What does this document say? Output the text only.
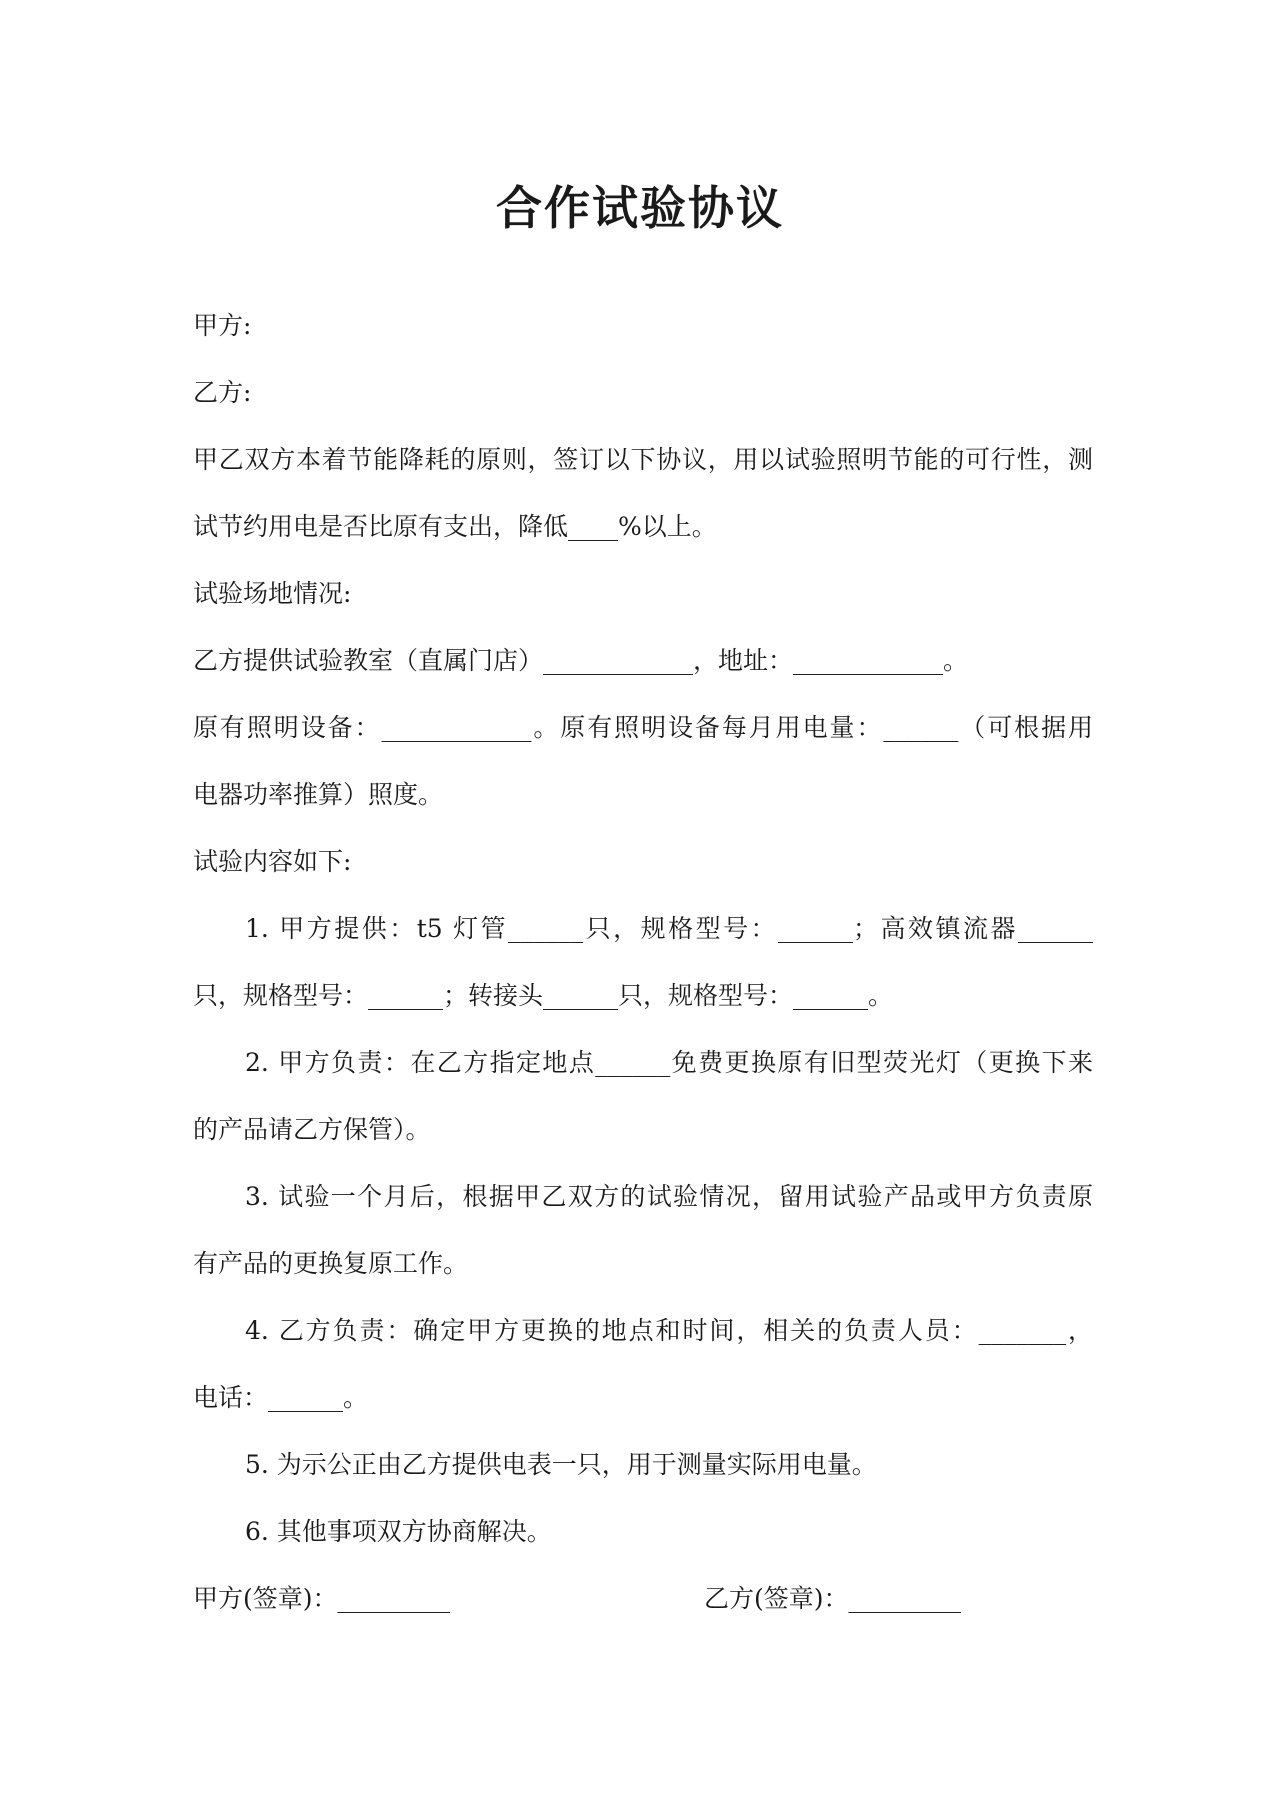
合作试验协议
甲方:
乙方:
甲乙双方本着节能降耗的原则，签订以下协议，用以试验照明节能的可行性，测
试节约用电是否比原有支出，降低____%以上。
试验场地情况:
乙方提供试验教室（直属门店）____________，地址：____________。
原有照明设备：____________。原有照明设备每月用电量：______（可根据用
电器功率推算）照度。
试验内容如下:
1. 甲方提供：t5 灯管______只，规格型号：______；高效镇流器______
只，规格型号：______；转接头______只，规格型号：______。
2. 甲方负责：在乙方指定地点______免费更换原有旧型荧光灯（更换下来
的产品请乙方保管）。
3. 试验一个月后，根据甲乙双方的试验情况，留用试验产品或甲方负责原
有产品的更换复原工作。
4. 乙方负责：确定甲方更换的地点和时间，相关的负责人员：_______，
电话：______。
5. 为示公正由乙方提供电表一只，用于测量实际用电量。
6. 其他事项双方协商解决。
甲方(签章)：_________	乙方(签章)：_________
